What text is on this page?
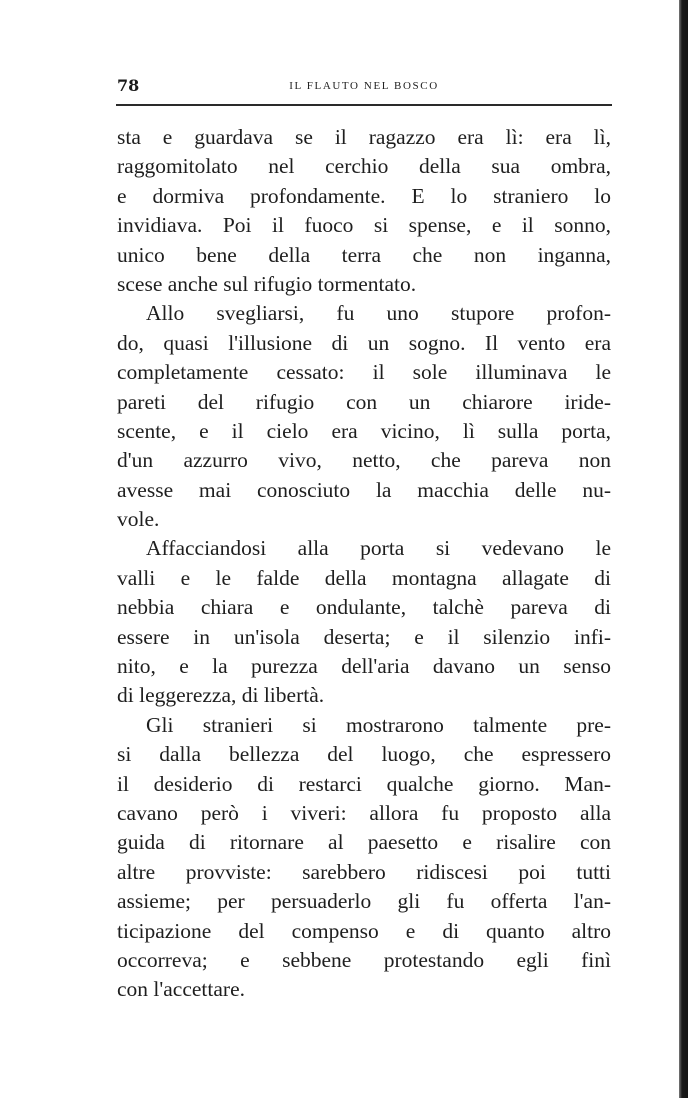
78	IL FLAUTO NEL BOSCO
sta e guardava se il ragazzo era lì: era lì,
raggomitolato nel cerchio della sua ombra,
e dormiva profondamente. E lo straniero lo
invidiava. Poi il fuoco si spense, e il sonno,
unico bene della terra che non inganna,
scese anche sul rifugio tormentato.
Allo svegliarsi, fu uno stupore profon-
do, quasi l'illusione di un sogno. Il vento era
completamente cessato: il sole illuminava le
pareti del rifugio con un chiarore iride-
scente, e il cielo era vicino, lì sulla porta,
d'un azzurro vivo, netto, che pareva non
avesse mai conosciuto la macchia delle nu-
vole.
Affacciandosi alla porta si vedevano le
valli e le falde della montagna allagate di
nebbia chiara e ondulante, talchè pareva di
essere in un'isola deserta; e il silenzio infi-
nito, e la purezza dell'aria davano un senso
di leggerezza, di libertà.
Gli stranieri si mostrarono talmente pre-
si dalla bellezza del luogo, che espressero
il desiderio di restarci qualche giorno. Man-
cavano però i viveri: allora fu proposto alla
guida di ritornare al paesetto e risalire con
altre provviste: sarebbero ridiscesi poi tutti
assieme; per persuaderlo gli fu offerta l'an-
ticipazione del compenso e di quanto altro
occorreva; e sebbene protestando egli finì
con l'accettare.
